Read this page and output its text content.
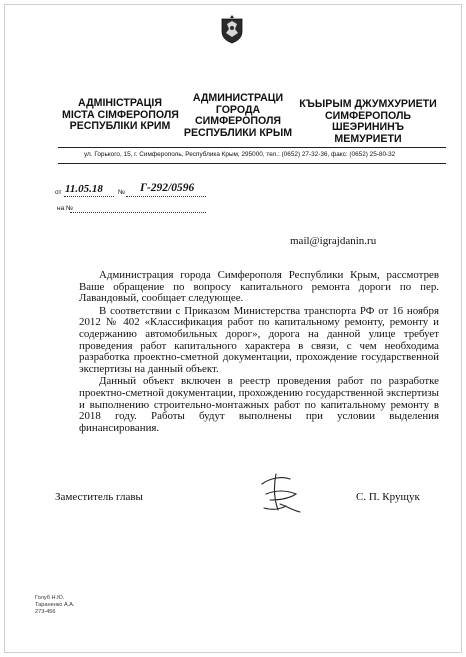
АДМІНІСТРАЦІЯ
МІСТА СІМФЕРОПОЛЯ
РЕСПУБЛІКИ КРИМ
АДМИНИСТРАЦИ
ГОРОДА
СИМФЕРОПОЛЯ
РЕСПУБЛИКИ КРЫМ
КЪЫРЫМ ДЖУМХУРИЕТИ
СИМФЕРОПОЛЬ
ШЕЭРИНИНЪ
МЕМУРИЕТИ
ул. Горького, 15, г. Симферополь, Республика Крым, 295000, тел.: (0652) 27-32-36, факс: (0652) 25-80-32
от 11.05.18 № Г-292/0596
на №
mail@igrajdanin.ru

Администрация города Симферополя Республики Крым, рассмотрев Ваше обращение по вопросу капитального ремонта дороги по пер. Лавандовый, сообщает следующее.

В соответствии с Приказом Министерства транспорта РФ от 16 ноября 2012 № 402 «Классификация работ по капитальному ремонту, ремонту и содержанию автомобильных дорог», дорога на данной улице требует проведения работ капитального характера в связи, с чем необходима разработка проектно-сметной документации, прохождение государственной экспертизы на данный объект.

Данный объект включен в реестр проведения работ по разработке проектно-сметной документации, прохождению государственной экспертизы и выполнению строительно-монтажных работ по капитальному ремонту в 2018 году. Работы будут выполнены при условии выделения финансирования.

Заместитель главы	С. П. Крущук
Голуб Н.Ю.
Тараненко А.А.
273-456
